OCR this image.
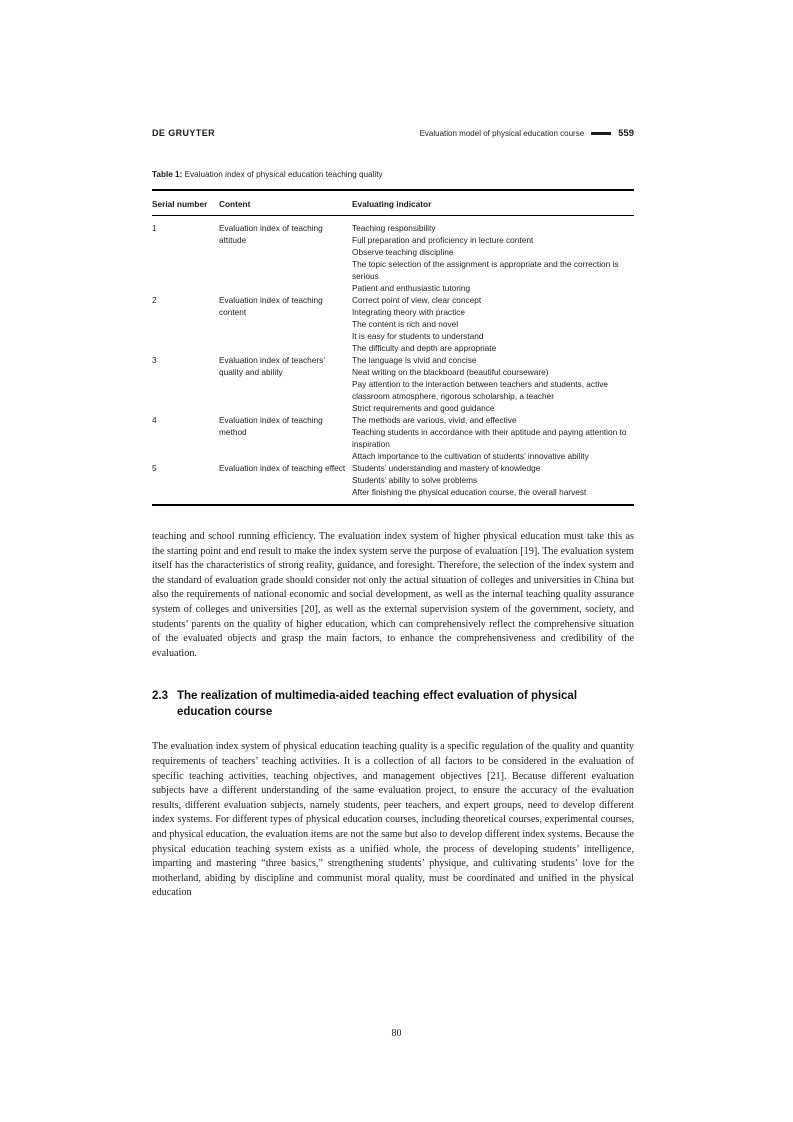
DE GRUYTER	Evaluation model of physical education course	559
Table 1: Evaluation index of physical education teaching quality
Serial number	Content	Evaluating indicator
1	Evaluation index of teaching attitude	Teaching responsibility
Full preparation and proficiency in lecture content
Observe teaching discipline
The topic selection of the assignment is appropriate and the correction is serious
Patient and enthusiastic tutoring

2	Evaluation index of teaching content	Correct point of view, clear concept
Integrating theory with practice
The content is rich and novel
It is easy for students to understand
The difficulty and depth are appropriate

3	Evaluation index of teachers’ quality and ability	The language is vivid and concise
Neat writing on the blackboard (beautiful courseware)
Pay attention to the interaction between teachers and students, active classroom atmosphere, rigorous scholarship, a teacher
Strict requirements and good guidance

4	Evaluation index of teaching method	The methods are various, vivid, and effective
Teaching students in accordance with their aptitude and paying attention to inspiration
Attach importance to the cultivation of students’ innovative ability

5	Evaluation index of teaching effect	Students’ understanding and mastery of knowledge
Students’ ability to solve problems
After finishing the physical education course, the overall harvest

teaching and school running efficiency. The evaluation index system of higher physical education must take this as the starting point and end result to make the index system serve the purpose of evaluation [19]. The evaluation system itself has the characteristics of strong reality, guidance, and foresight. Therefore, the selection of the index system and the standard of evaluation grade should consider not only the actual situation of colleges and universities in China but also the requirements of national economic and social development, as well as the internal teaching quality assurance system of colleges and universities [20], as well as the external supervision system of the government, society, and students’ parents on the quality of higher education, which can comprehensively reflect the comprehensive situation of the evaluated objects and grasp the main factors, to enhance the comprehensiveness and credibility of the evaluation.

2.3 The realization of multimedia-aided teaching effect evaluation of physical education course

The evaluation index system of physical education teaching quality is a specific regulation of the quality and quantity requirements of teachers’ teaching activities. It is a collection of all factors to be considered in the evaluation of specific teaching activities, teaching objectives, and management objectives [21]. Because different evaluation subjects have a different understanding of the same evaluation project, to ensure the accuracy of the evaluation results, different evaluation subjects, namely students, peer teachers, and expert groups, need to develop different index systems. For different types of physical education courses, including theoretical courses, experimental courses, and physical education, the evaluation items are not the same but also to develop different index systems. Because the physical education teaching system exists as a unified whole, the process of developing students’ intelligence, imparting and mastering “three basics,” strengthening students’ physique, and cultivating students’ love for the motherland, abiding by discipline and communist moral quality, must be coordinated and unified in the physical education

80
